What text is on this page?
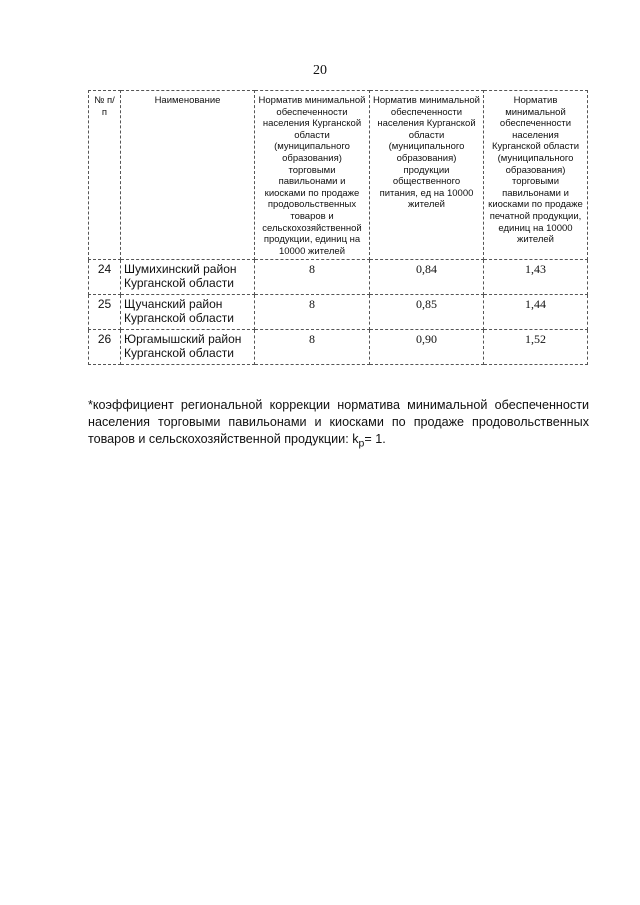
20
№ п/п	Наименование	Норматив минимальной обеспеченности населения Курганской области (муниципального образования) торговыми павильонами и киосками по продаже продовольственных товаров и сельскохозяйственной продукции, единиц на 10000 жителей	Норматив минимальной обеспеченности населения Курганской области (муниципального образования) продукции общественного питания, ед на 10000 жителей	Норматив минимальной обеспеченности населения Курганской области (муниципального образования) торговыми павильонами и киосками по продаже печатной продукции, единиц на 10000 жителей
24	Шумихинский район Курганской области	8	0,84	1,43
25	Щучанский район Курганской области	8	0,85	1,44
26	Юргамышский район Курганской области	8	0,90	1,52
*коэффициент региональной коррекции норматива минимальной обеспеченности населения торговыми павильонами и киосками по продаже продовольственных товаров и сельскохозяйственной продукции: $k_р= 1$.
